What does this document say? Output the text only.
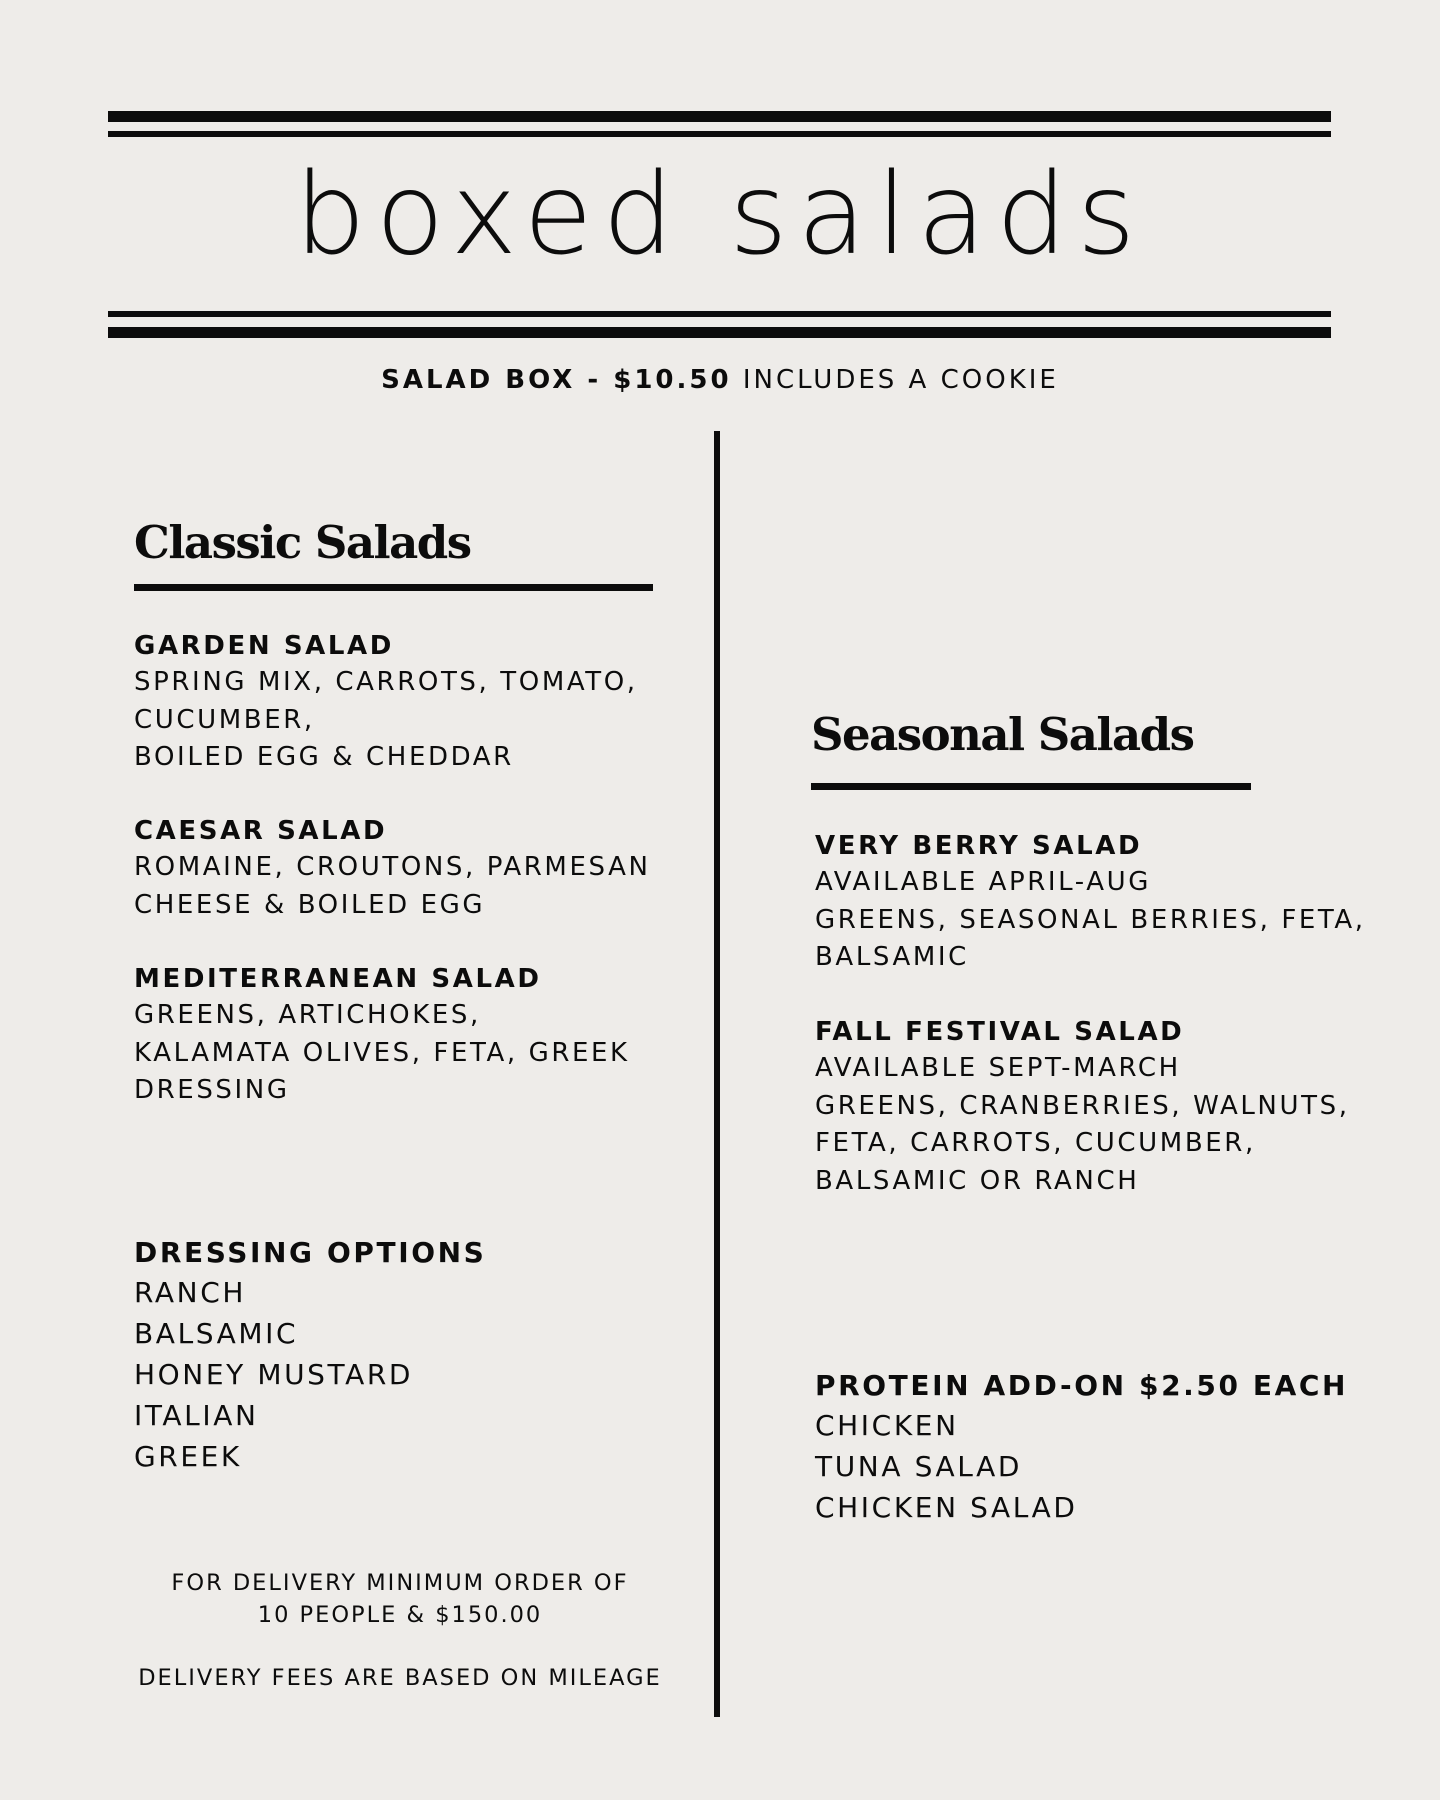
boxed salads
SALAD BOX - $10.50 INCLUDES A COOKIE
Classic Salads
GARDEN SALAD
SPRING MIX, CARROTS, TOMATO,
CUCUMBER,
BOILED EGG & CHEDDAR
CAESAR SALAD
ROMAINE, CROUTONS, PARMESAN
CHEESE & BOILED EGG
MEDITERRANEAN SALAD
GREENS, ARTICHOKES,
KALAMATA OLIVES, FETA, GREEK
DRESSING
DRESSING OPTIONS
RANCH
BALSAMIC
HONEY MUSTARD
ITALIAN
GREEK
FOR DELIVERY MINIMUM ORDER OF
10 PEOPLE & $150.00
DELIVERY FEES ARE BASED ON MILEAGE
Seasonal Salads
VERY BERRY SALAD
AVAILABLE APRIL-AUG
GREENS, SEASONAL BERRIES, FETA,
BALSAMIC
FALL FESTIVAL SALAD
AVAILABLE SEPT-MARCH
GREENS, CRANBERRIES, WALNUTS,
FETA, CARROTS, CUCUMBER,
BALSAMIC OR RANCH
PROTEIN ADD-ON $2.50 EACH
CHICKEN
TUNA SALAD
CHICKEN SALAD
